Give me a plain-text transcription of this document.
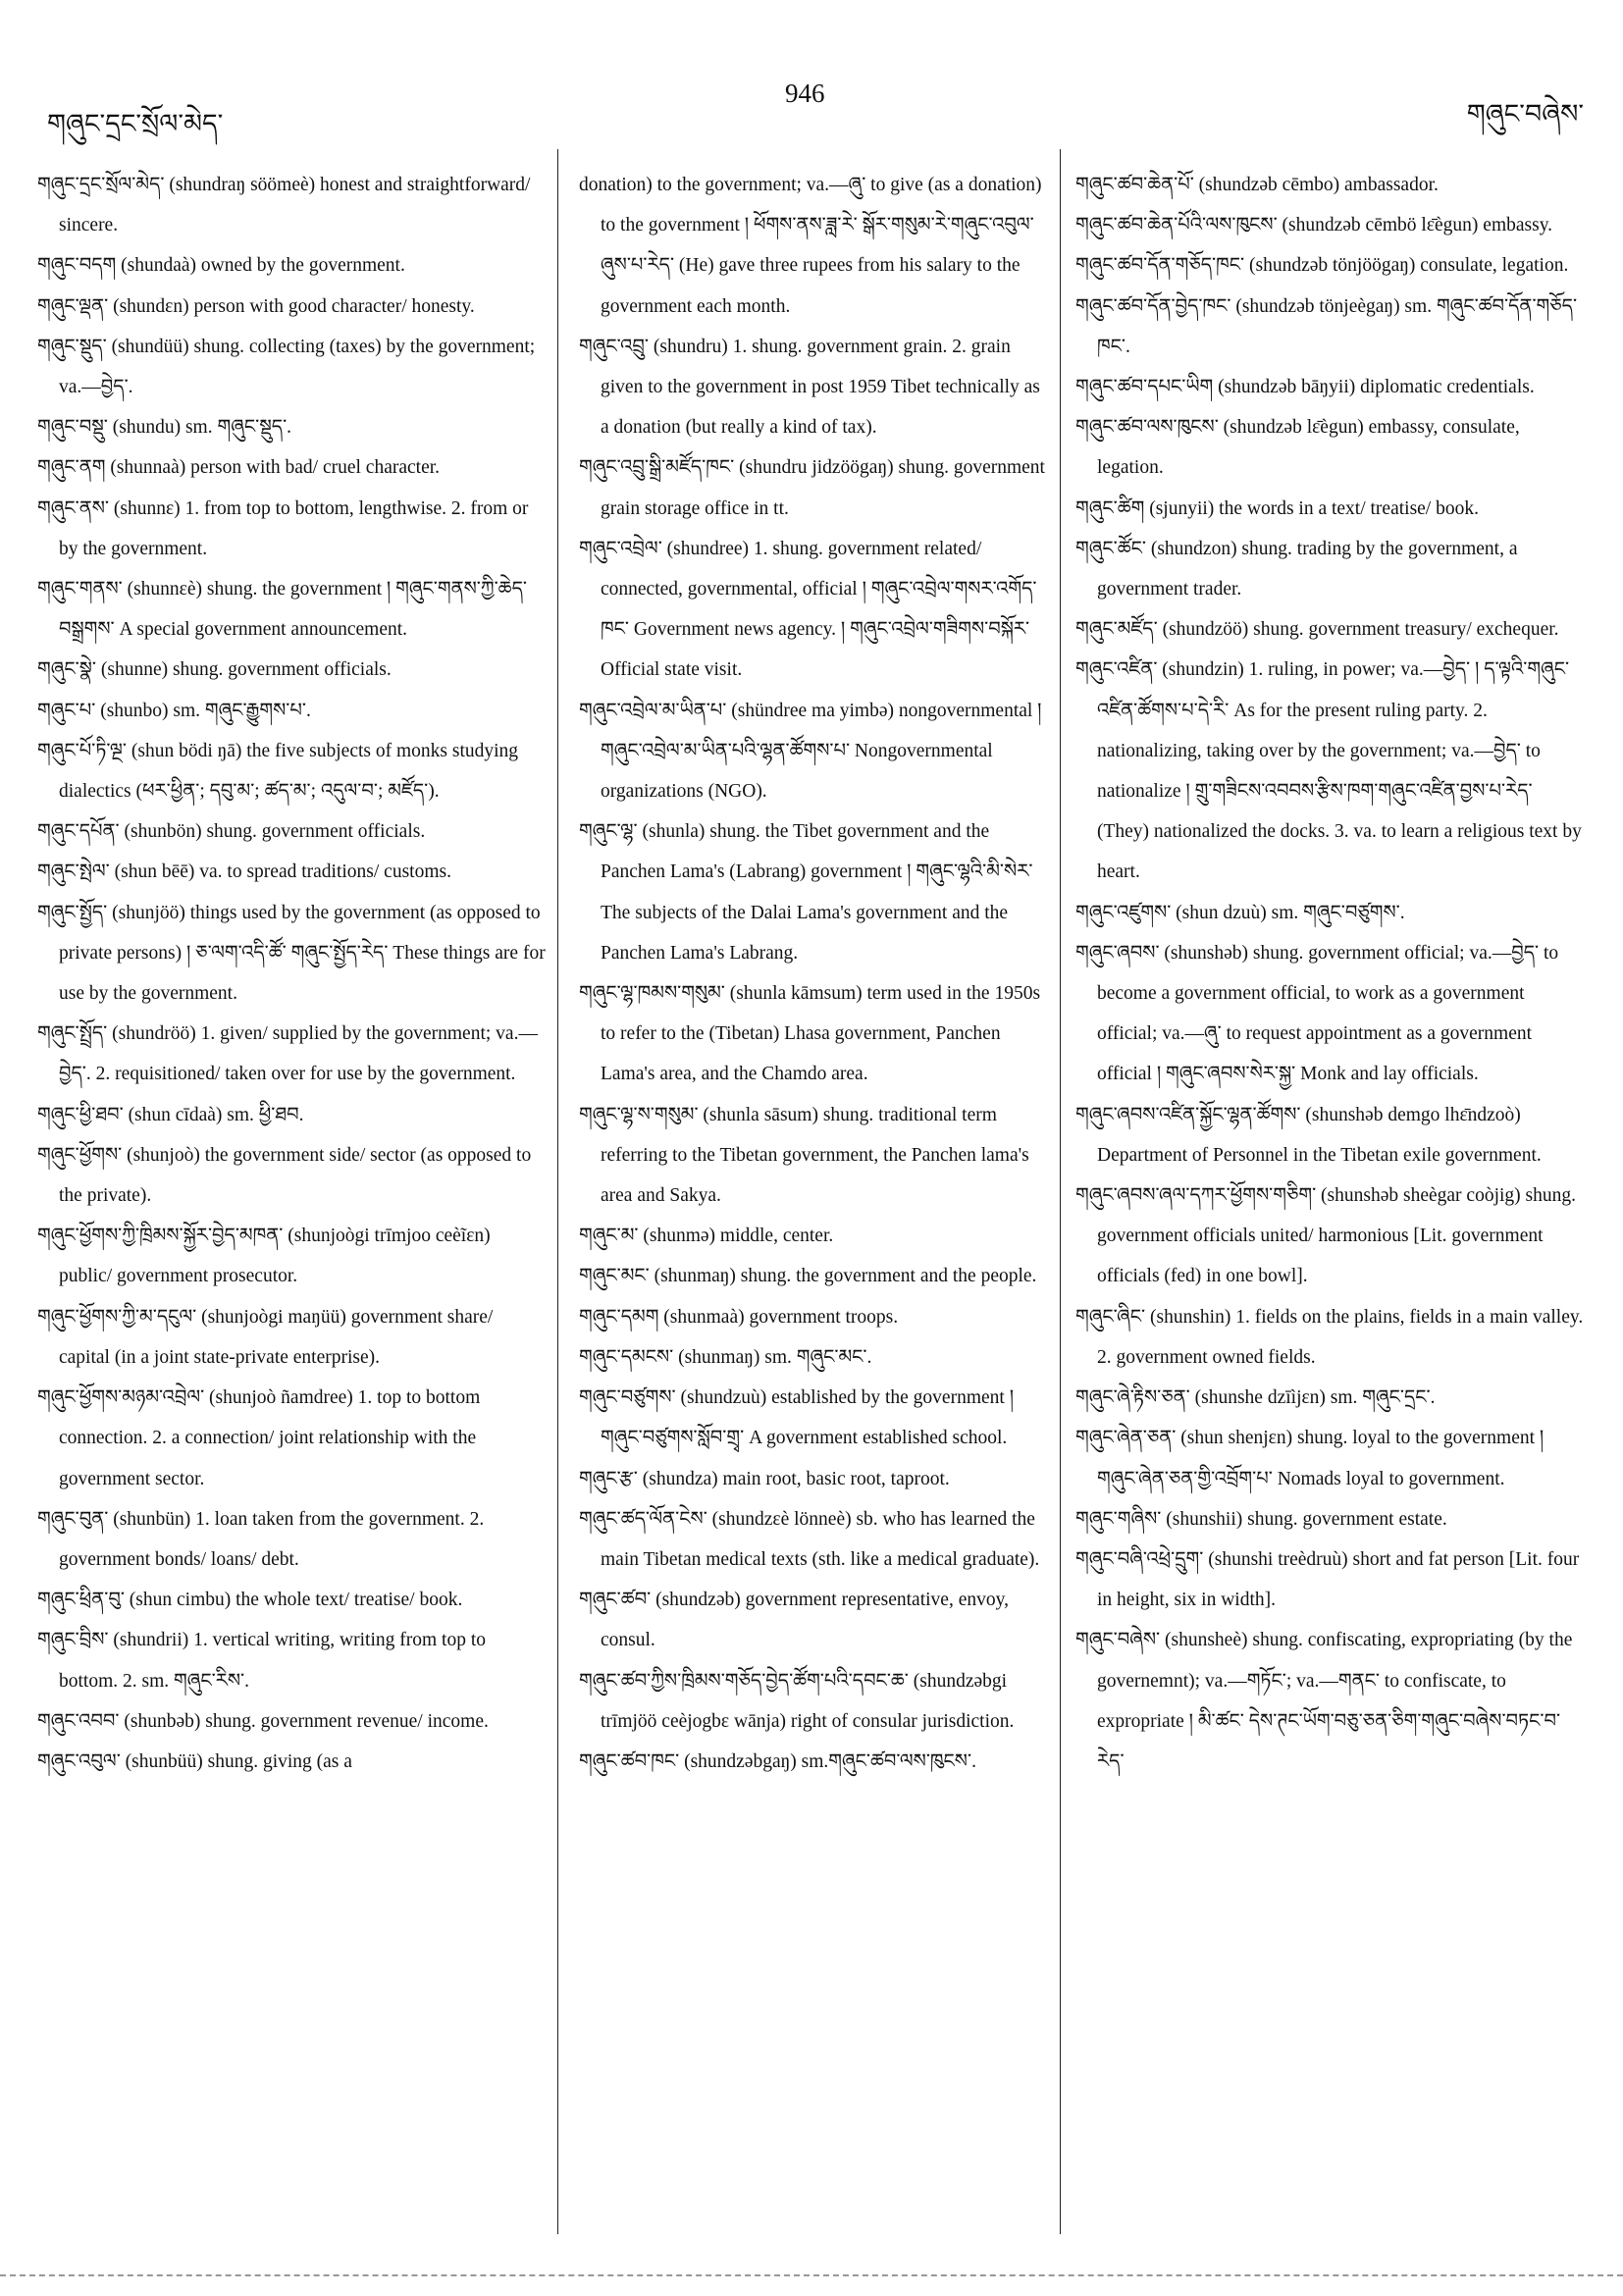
གཞུང་དྲང་སྲོལ་མེད་
946
གཞུང་བཞེས་

གཞུང་དྲང་སྲོལ་མེད་ (shundraŋ söömeè) honest and straightforward/ sincere.

གཞུང་བདག (shundaà) owned by the government.

གཞུང་ལྡན་ (shundɛn) person with good character/ honesty.

གཞུང་སྡུད་ (shundüü) shung. collecting (taxes) by the government; va.—བྱེད་.

གཞུང་བསྡུ་ (shundu) sm. གཞུང་སྡུད་.

གཞུང་ནག (shunnaà) person with bad/ cruel character.

གཞུང་ནས་ (shunnɛ) 1. from top to bottom, lengthwise. 2. from or by the government.

གཞུང་གནས་ (shunnɛè) shung. the government ། གཞུང་གནས་ཀྱི་ཆེད་བསྒྲགས་ A special government announcement.

གཞུང་སྣེ་ (shunne) shung. government officials.

གཞུང་པ་ (shunbo) sm. གཞུང་རྒྱུགས་པ་.

གཞུང་པོ་ཏི་ལྔ་ (shun bödi ŋā) the five subjects of monks studying dialectics (ཕར་ཕྱིན་; དབུ་མ་; ཚད་མ་; འདུལ་བ་; མཛོད་).

གཞུང་དཔོན་ (shunbön) shung. government officials.

གཞུང་སྤེལ་ (shun bēē) va. to spread traditions/ customs.

གཞུང་སྤྱོད་ (shunjöö) things used by the government (as opposed to private persons) ། ཅ་ལག་འདི་ཚོ་ གཞུང་སྤྱོད་རེད་ These things are for use by the government.

གཞུང་སྤྲོད་ (shundröö) 1. given/ supplied by the government; va.—བྱེད་. 2. requisitioned/ taken over for use by the government.

གཞུང་ཕྱི་ཐབ་ (shun cīdaà) sm. ཕྱི་ཐབ.

གཞུང་ཕྱོགས་ (shunjoò) the government side/ sector (as opposed to the private).

གཞུང་ཕྱོགས་ཀྱི་ཁྲིམས་སྐྱོར་བྱེད་མཁན་ (shunjoògi trīmjoo ceèĩɛn) public/ government prosecutor.

གཞུང་ཕྱོགས་ཀྱི་མ་དངུལ་ (shunjoògi maŋüü) government share/ capital (in a joint state-private enterprise).

གཞུང་ཕྱོགས་མཉམ་འབྲེལ་ (shunjoò ñamdree) 1. top to bottom connection. 2. a connection/ joint relationship with the government sector.

གཞུང་བུན་ (shunbün) 1. loan taken from the government. 2. government bonds/ loans/ debt.

གཞུང་ཕྲིན་བུ་ (shun cimbu) the whole text/ treatise/ book.

གཞུང་བྲིས་ (shundrii) 1. vertical writing, writing from top to bottom. 2. sm. གཞུང་རིས་.

གཞུང་འབབ་ (shunbəb) shung. government revenue/ income.

གཞུང་འབུལ་ (shunbüü) shung. giving (as a

donation) to the government; va.—ཞུ་ to give (as a donation) to the government ། ཕོགས་ནས་ཟླ་རེ་ སྒོར་གསུམ་རེ་གཞུང་འབུལ་ཞུས་པ་རེད་ (He) gave three rupees from his salary to the government each month.

གཞུང་འབྲུ་ (shundru) 1. shung. government grain. 2. grain given to the government in post 1959 Tibet technically as a donation (but really a kind of tax).

གཞུང་འབྲུ་སྒྲི་མཛོད་ཁང་ (shundru jidzöögaŋ) shung. government grain storage office in tt.

གཞུང་འབྲེལ་ (shundree) 1. shung. government related/ connected, governmental, official ། གཞུང་འབྲེལ་གསར་འགོད་ཁང་ Government news agency. ། གཞུང་འབྲེལ་གཟིགས་བསྐོར་ Official state visit.

གཞུང་འབྲེལ་མ་ཡིན་པ་ (shündree ma yimbə) nongovernmental ། གཞུང་འབྲེལ་མ་ཡིན་པའི་ལྷན་ཚོགས་པ་ Nongovernmental organizations (NGO).

གཞུང་ལྷ་ (shunla) shung. the Tibet government and the Panchen Lama's (Labrang) government ། གཞུང་ལྷའི་མི་སེར་ The subjects of the Dalai Lama's government and the Panchen Lama's Labrang.

གཞུང་ལྷ་ཁམས་གསུམ་ (shunla kāmsum) term used in the 1950s to refer to the (Tibetan) Lhasa government, Panchen Lama's area, and the Chamdo area.

གཞུང་ལྷ་ས་གསུམ་ (shunla sāsum) shung. traditional term referring to the Tibetan government, the Panchen lama's area and Sakya.

གཞུང་མ་ (shunmə) middle, center.

གཞུང་མང་ (shunmaŋ) shung. the government and the people.

གཞུང་དམག (shunmaà) government troops.

གཞུང་དམངས་ (shunmaŋ) sm. གཞུང་མང་.

གཞུང་བཙུགས་ (shundzuù) established by the government ། གཞུང་བཙུགས་སློབ་གྲྭ་ A government established school.

གཞུང་རྩ་ (shundza) main root, basic root, taproot.

གཞུང་ཚད་ལོན་ངེས་ (shundzɛè lönneè) sb. who has learned the main Tibetan medical texts (sth. like a medical graduate).

གཞུང་ཚབ་ (shundzəb) government representative, envoy, consul.

གཞུང་ཚབ་ཀྱིས་ཁྲིམས་གཅོད་བྱེད་ཚོག་པའི་དབང་ཆ་ (shundzəbgi trīmjöö ceèjogbɛ wānja) right of consular jurisdiction.

གཞུང་ཚབ་ཁང་ (shundzəbgaŋ) sm.གཞུང་ཚབ་ལས་ཁུངས་.

གཞུང་ཚབ་ཆེན་པོ་ (shundzəb cēmbo) ambassador.

གཞུང་ཚབ་ཆེན་པོའི་ལས་ཁུངས་ (shundzəb cēmbö lɛ̄ègun) embassy.

གཞུང་ཚབ་དོན་གཅོད་ཁང་ (shundzəb tönjöögaŋ) consulate, legation.

གཞུང་ཚབ་དོན་བྱེད་ཁང་ (shundzəb tönjeègaŋ) sm. གཞུང་ཚབ་དོན་གཅོད་ཁང་.

གཞུང་ཚབ་དཔང་ཡིག (shundzəb bāŋyii) diplomatic credentials.

གཞུང་ཚབ་ལས་ཁུངས་ (shundzəb lɛ̄ègun) embassy, consulate, legation.

གཞུང་ཚིག (sjunyii) the words in a text/ treatise/ book.

གཞུང་ཚོང་ (shundzon) shung. trading by the government, a government trader.

གཞུང་མཛོད་ (shundzöö) shung. government treasury/ exchequer.

གཞུང་འཛིན་ (shundzin) 1. ruling, in power; va.—བྱེད་ ། ད་ལྟའི་གཞུང་འཛིན་ཚོགས་པ་དེ་རི་ As for the present ruling party. 2. nationalizing, taking over by the government; va.—བྱེད་ to nationalize ། གྲུ་གཟིངས་འབབས་རྩིས་ཁག་གཞུང་འཛིན་བྱས་པ་རེད་ (They) nationalized the docks. 3. va. to learn a religious text by heart.

གཞུང་འཛུགས་ (shun dzuù) sm. གཞུང་བཙུགས་.

གཞུང་ཞབས་ (shunshəb) shung. government official; va.—བྱེད་ to become a government official, to work as a government official; va.—ཞུ་ to request appointment as a government official ། གཞུང་ཞབས་སེར་སྐྱ་ Monk and lay officials.

གཞུང་ཞབས་འཛིན་སྐྱོང་ལྷན་ཚོགས་ (shunshəb demgo lhɛ̄ndzoò) Department of Personnel in the Tibetan exile government.

གཞུང་ཞབས་ཞལ་དཀར་ཕྱོགས་གཅིག་ (shunshəb sheègar coòjig) shung. government officials united/ harmonious [Lit. government officials (fed) in one bowl].

གཞུང་ཞིང་ (shunshin) 1. fields on the plains, fields in a main valley. 2. government owned fields.

གཞུང་ཞེ་རྟིས་ཅན་ (shunshe dzīìjɛn) sm. གཞུང་དྲང་.

གཞུང་ཞེན་ཅན་ (shun shenjɛn) shung. loyal to the government ། གཞུང་ཞེན་ཅན་གྱི་འབྲོག་པ་ Nomads loyal to government.

གཞུང་གཞིས་ (shunshii) shung. government estate.

གཞུང་བཞི་འཕྲེ་དྲུག་ (shunshi treèdruù) short and fat person [Lit. four in height, six in width].

གཞུང་བཞེས་ (shunsheè) shung. confiscating, expropriating (by the governemnt); va.—གཏོང་; va.—གནང་ to confiscate, to expropriate ། མི་ཚང་ དེས་ཊང་ཡོག་བཅུ་ཅན་ཅིག་གཞུང་བཞེས་བཏང་བ་རེད་
